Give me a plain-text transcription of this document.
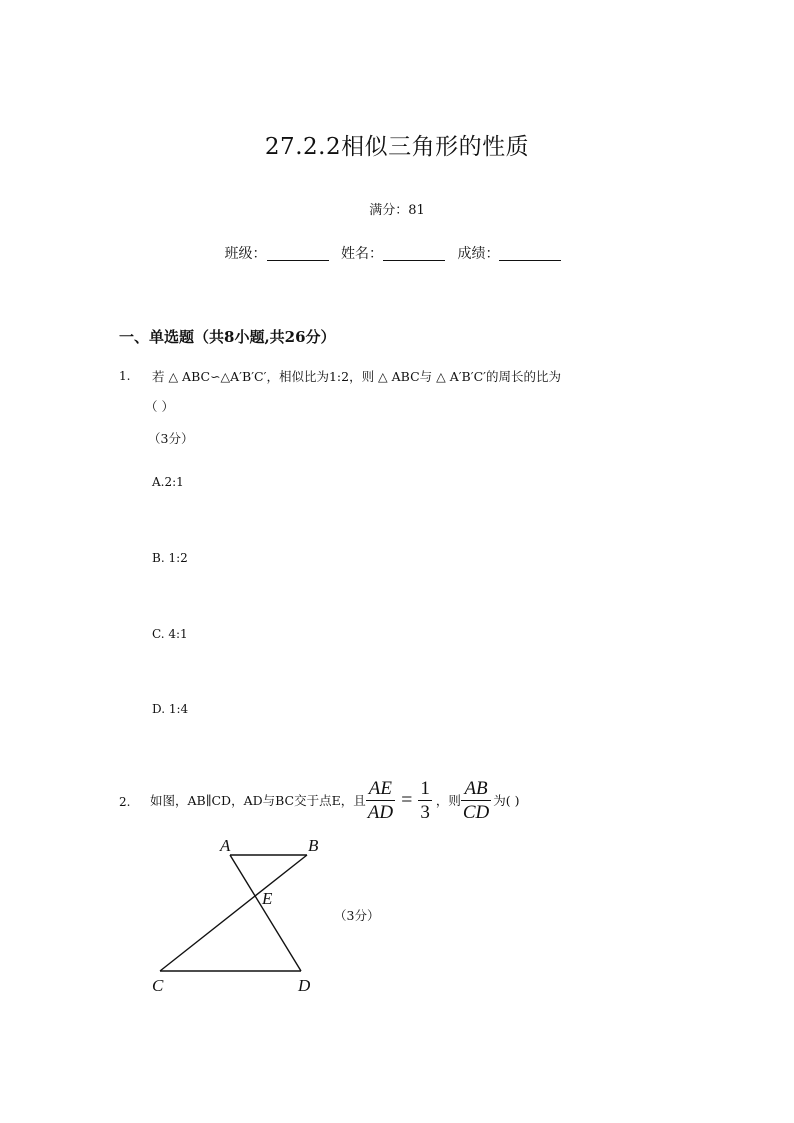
27.2.2相似三角形的性质
满分：81
班级：	姓名：	成绩：
一、单选题（共8小题,共26分）
1. 若 △ ABC∽△A′B′C′，相似比为1:2，则 △ ABC与 △ A′B′C′的周长的比为
（ ）
（3分）
A.2:1
B. 1:2
C. 4:1
D. 1:4
2. 如图，AB∥CD，AD与BC交于点E，且 $\frac{AE}{AD} = \frac{1}{3}$ ，则 $\frac{AB}{CD}$ 为( )
A	B
E
C	D
（3分）
